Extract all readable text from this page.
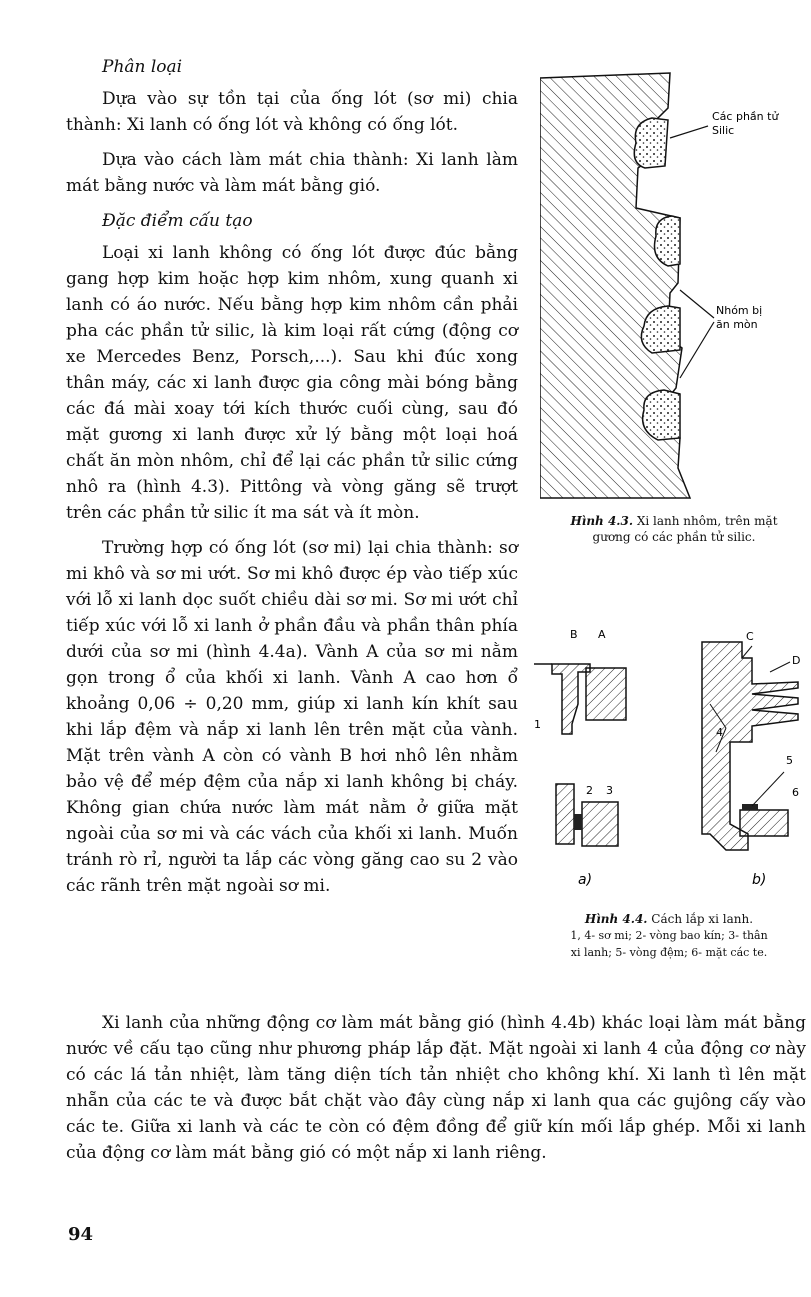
Phân loại

Dựa vào sự tồn tại của ống lót (sơ mi) chia thành: Xi lanh có ống lót và không có ống lót.

Dựa vào cách làm mát chia thành: Xi lanh làm mát bằng nước và làm mát bằng gió.

Đặc điểm cấu tạo

Loại xi lanh không có ống lót được đúc bằng gang hợp kim hoặc hợp kim nhôm, xung quanh xi lanh có áo nước. Nếu bằng hợp kim nhôm cần phải pha các phần tử silic, là kim loại rất cứng (động cơ xe Mercedes Benz, Porsch,...). Sau khi đúc xong thân máy, các xi lanh được gia công mài bóng bằng các đá mài xoay tới kích thước cuối cùng, sau đó mặt gương xi lanh được xử lý bằng một loại hoá chất ăn mòn nhôm, chỉ để lại các phần tử silic cứng nhô ra (hình 4.3). Pittông và vòng găng sẽ trượt trên các phần tử silic ít ma sát và ít mòn.

Trường hợp có ống lót (sơ mi) lại chia thành: sơ mi khô và sơ mi ướt. Sơ mi khô được ép vào tiếp xúc với lỗ xi lanh dọc suốt chiều dài sơ mi. Sơ mi ướt chỉ tiếp xúc với lỗ xi lanh ở phần đầu và phần thân phía dưới của sơ mi (hình 4.4a). Vành A của sơ mi nằm gọn trong ổ của khối xi lanh. Vành A cao hơn ổ khoảng 0,06 ÷ 0,20 mm, giúp xi lanh kín khít sau khi lắp đệm và nắp xi lanh lên trên mặt của vành. Mặt trên vành A còn có vành B hơi nhô lên nhằm bảo vệ để mép đệm của nắp xi lanh không bị cháy. Không gian chứa nước làm mát nằm ở giữa mặt ngoài của sơ mi và các vách của khối xi lanh. Muốn tránh rò rỉ, người ta lắp các vòng găng cao su 2 vào các rãnh trên mặt ngoài sơ mi.

Xi lanh của những động cơ làm mát bằng gió (hình 4.4b) khác loại làm mát bằng nước về cấu tạo cũng như phương pháp lắp đặt. Mặt ngoài xi lanh 4 của động cơ này có các lá tản nhiệt, làm tăng diện tích tản nhiệt cho không khí. Xi lanh tì lên mặt nhẵn của các te và được bắt chặt vào đây cùng nắp xi lanh qua các gujông cấy vào các te. Giữa xi lanh và các te còn có đệm đồng để giữ kín mối lắp ghép. Mỗi xi lanh của động cơ làm mát bằng gió có một nắp xi lanh riêng.

94
Các phần tử
Silic
Nhóm bị
ăn mòn
Hình 4.3. Xi lanh nhôm, trên mặt
gương có các phần tử silic.
B A
1
2 3
a)
C
D
4
5
6
b)
Hình 4.4. Cách lắp xi lanh.
1, 4- sơ mi; 2- vòng bao kín; 3- thân
xi lanh; 5- vòng đệm; 6- mặt các te.
